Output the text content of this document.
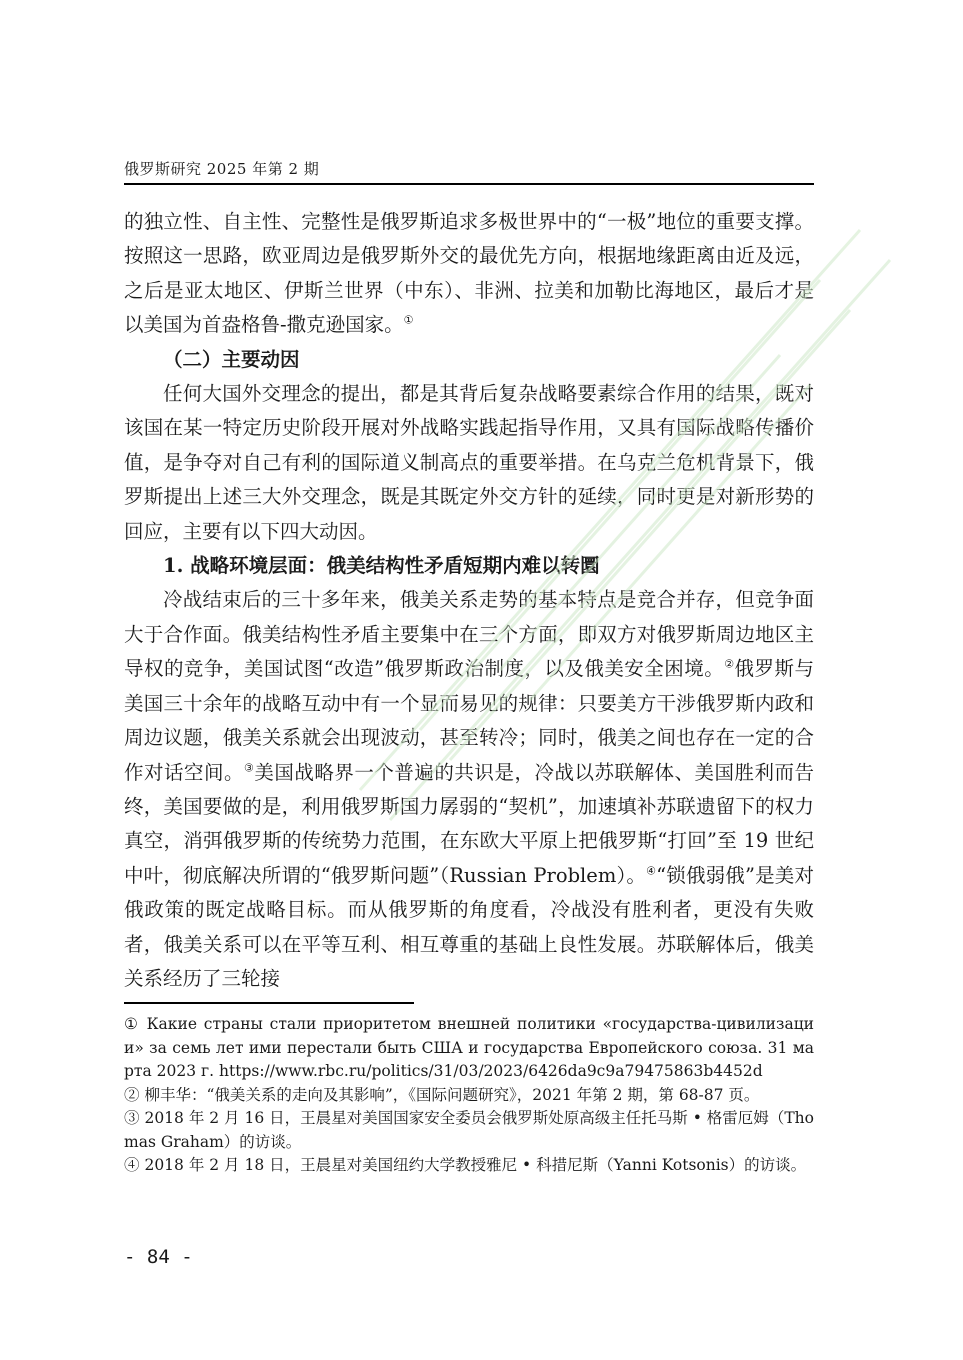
俄罗斯研究 2025 年第 2 期

的独立性、自主性、完整性是俄罗斯追求多极世界中的“一极”地位的重要支撑。按照这一思路，欧亚周边是俄罗斯外交的最优先方向，根据地缘距离由近及远，之后是亚太地区、伊斯兰世界（中东）、非洲、拉美和加勒比海地区，最后才是以美国为首盎格鲁-撒克逊国家。①

（二）主要动因

任何大国外交理念的提出，都是其背后复杂战略要素综合作用的结果，既对该国在某一特定历史阶段开展对外战略实践起指导作用，又具有国际战略传播价值，是争夺对自己有利的国际道义制高点的重要举措。在乌克兰危机背景下，俄罗斯提出上述三大外交理念，既是其既定外交方针的延续，同时更是对新形势的回应，主要有以下四大动因。

1. 战略环境层面：俄美结构性矛盾短期内难以转圜

冷战结束后的三十多年来，俄美关系走势的基本特点是竞合并存，但竞争面大于合作面。俄美结构性矛盾主要集中在三个方面，即双方对俄罗斯周边地区主导权的竞争，美国试图“改造”俄罗斯政治制度，以及俄美安全困境。②俄罗斯与美国三十余年的战略互动中有一个显而易见的规律：只要美方干涉俄罗斯内政和周边议题，俄美关系就会出现波动，甚至转冷；同时，俄美之间也存在一定的合作对话空间。③美国战略界一个普遍的共识是，冷战以苏联解体、美国胜利而告终，美国要做的是，利用俄罗斯国力孱弱的“契机”，加速填补苏联遗留下的权力真空，消弭俄罗斯的传统势力范围，在东欧大平原上把俄罗斯“打回”至 19 世纪中叶，彻底解决所谓的“俄罗斯问题”（Russian Problem）。④“锁俄弱俄”是美对俄政策的既定战略目标。而从俄罗斯的角度看，冷战没有胜利者，更没有失败者，俄美关系可以在平等互利、相互尊重的基础上良性发展。苏联解体后，俄美关系经历了三轮接

① Какие страны стали приоритетом внешней политики «государства-цивилизации» за семь лет ими перестали быть США и государства Европейского союза. 31 марта 2023 г. https://www.rbc.ru/politics/31/03/2023/6426da9c9a79475863b4452d

② 柳丰华：“俄美关系的走向及其影响”，《国际问题研究》，2021 年第 2 期，第 68-87 页。

③ 2018 年 2 月 16 日，王晨星对美国国家安全委员会俄罗斯处原高级主任托马斯 • 格雷厄姆（Thomas Graham）的访谈。

④ 2018 年 2 月 18 日，王晨星对美国纽约大学教授雅尼 • 科措尼斯（Yanni Kotsonis）的访谈。

- 84 -
